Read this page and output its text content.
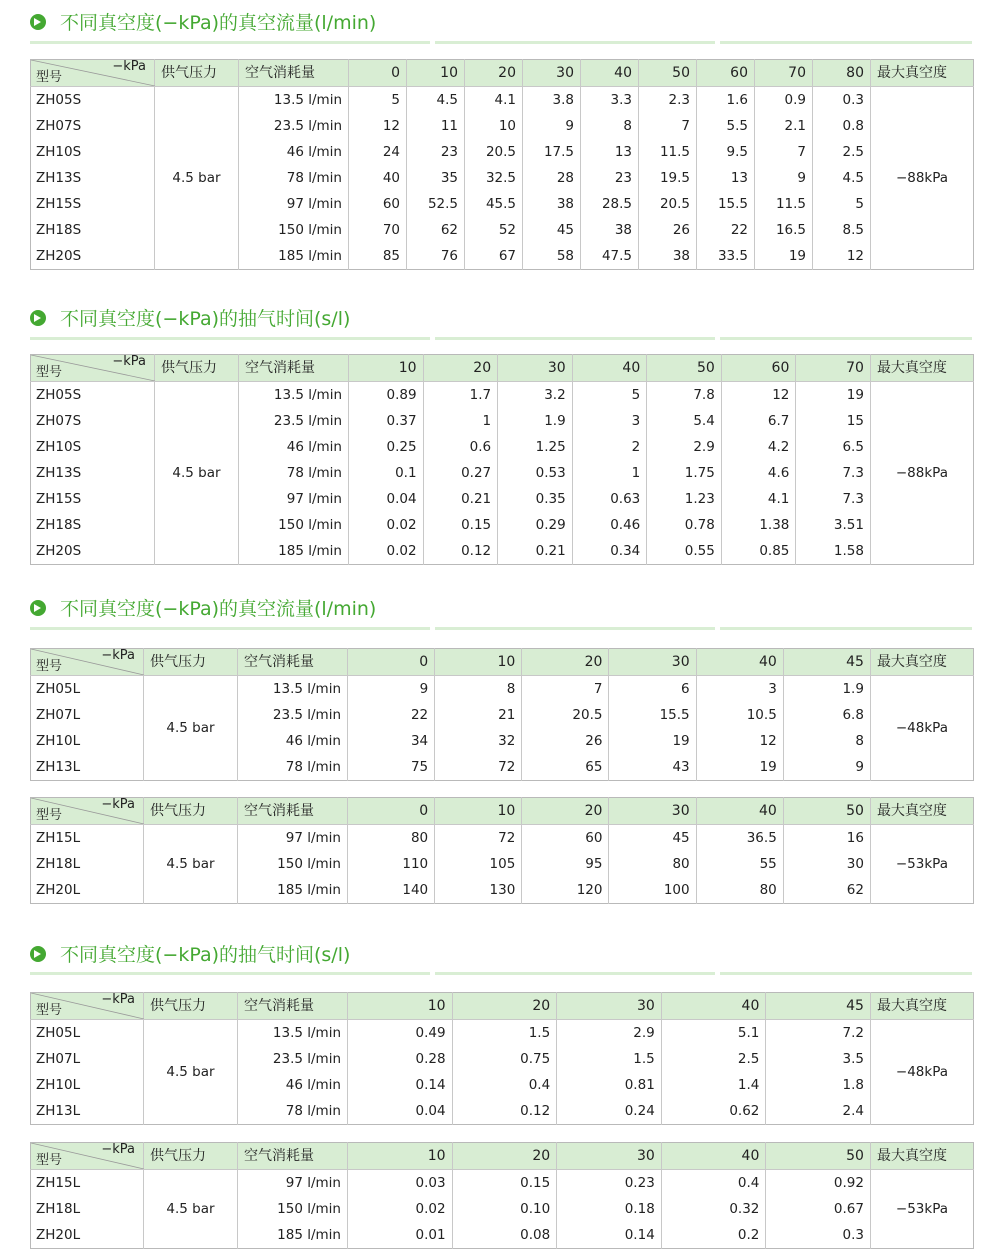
不同真空度(−kPa)的真空流量(l/min)
不同真空度(−kPa)的抽气时间(s/l)
不同真空度(−kPa)的真空流量(l/min)
不同真空度(−kPa)的抽气时间(s/l)
−kPa
型号	供气压力	空气消耗量	0	10	20	30	40	50	60	70	80	最大真空度
ZH05S	4.5 bar	13.5 l/min	5	4.5	4.1	3.8	3.3	2.3	1.6	0.9	0.3	−88kPa
ZH07S		23.5 l/min	12	11	10	9	8	7	5.5	2.1	0.8	
ZH10S		46 l/min	24	23	20.5	17.5	13	11.5	9.5	7	2.5	
ZH13S		78 l/min	40	35	32.5	28	23	19.5	13	9	4.5	
ZH15S		97 l/min	60	52.5	45.5	38	28.5	20.5	15.5	11.5	5	
ZH18S		150 l/min	70	62	52	45	38	26	22	16.5	8.5	
ZH20S		185 l/min	85	76	67	58	47.5	38	33.5	19	12	
−kPa
型号	供气压力	空气消耗量	10	20	30	40	50	60	70	最大真空度
ZH05S	4.5 bar	13.5 l/min	0.89	1.7	3.2	5	7.8	12	19	−88kPa
ZH07S		23.5 l/min	0.37	1	1.9	3	5.4	6.7	15	
ZH10S		46 l/min	0.25	0.6	1.25	2	2.9	4.2	6.5	
ZH13S		78 l/min	0.1	0.27	0.53	1	1.75	4.6	7.3	
ZH15S		97 l/min	0.04	0.21	0.35	0.63	1.23	4.1	7.3	
ZH18S		150 l/min	0.02	0.15	0.29	0.46	0.78	1.38	3.51	
ZH20S		185 l/min	0.02	0.12	0.21	0.34	0.55	0.85	1.58	
−kPa
型号	供气压力	空气消耗量	0	10	20	30	40	45	最大真空度
ZH05L	4.5 bar	13.5 l/min	9	8	7	6	3	1.9	−48kPa
ZH07L		23.5 l/min	22	21	20.5	15.5	10.5	6.8	
ZH10L		46 l/min	34	32	26	19	12	8	
ZH13L		78 l/min	75	72	65	43	19	9	
−kPa
型号	供气压力	空气消耗量	0	10	20	30	40	50	最大真空度
ZH15L	4.5 bar	97 l/min	80	72	60	45	36.5	16	−53kPa
ZH18L		150 l/min	110	105	95	80	55	30	
ZH20L		185 l/min	140	130	120	100	80	62	
−kPa
型号	供气压力	空气消耗量	10	20	30	40	45	最大真空度
ZH05L	4.5 bar	13.5 l/min	0.49	1.5	2.9	5.1	7.2	−48kPa
ZH07L		23.5 l/min	0.28	0.75	1.5	2.5	3.5	
ZH10L		46 l/min	0.14	0.4	0.81	1.4	1.8	
ZH13L		78 l/min	0.04	0.12	0.24	0.62	2.4	
−kPa
型号	供气压力	空气消耗量	10	20	30	40	50	最大真空度
ZH15L	4.5 bar	97 l/min	0.03	0.15	0.23	0.4	0.92	−53kPa
ZH18L		150 l/min	0.02	0.10	0.18	0.32	0.67	
ZH20L		185 l/min	0.01	0.08	0.14	0.2	0.3	
